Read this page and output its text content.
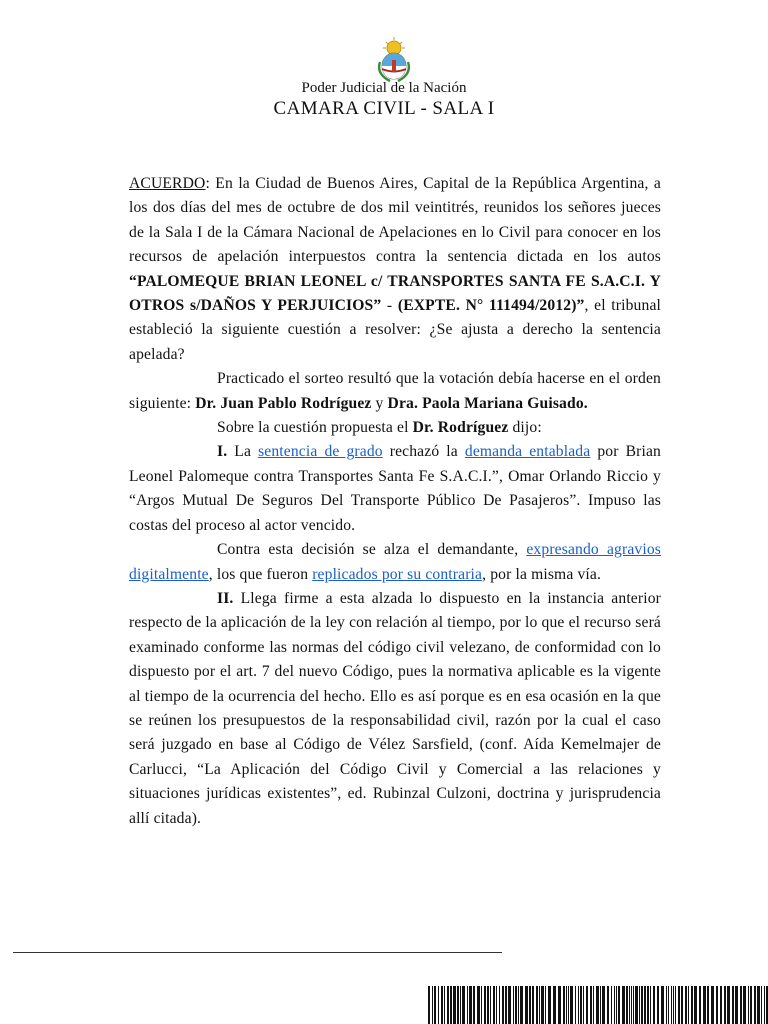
Poder Judicial de la Nación
CAMARA CIVIL - SALA I

ACUERDO: En la Ciudad de Buenos Aires, Capital de la República Argentina, a los dos días del mes de octubre de dos mil veintitrés, reunidos los señores jueces de la Sala I de la Cámara Nacional de Apelaciones en lo Civil para conocer en los recursos de apelación interpuestos contra la sentencia dictada en los autos “PALOMEQUE BRIAN LEONEL c/ TRANSPORTES SANTA FE S.A.C.I. Y OTROS s/DAÑOS Y PERJUICIOS” - (EXPTE. N° 111494/2012)”, el tribunal estableció la siguiente cuestión a resolver: ¿Se ajusta a derecho la sentencia apelada?

Practicado el sorteo resultó que la votación debía hacerse en el orden siguiente: Dr. Juan Pablo Rodríguez y Dra. Paola Mariana Guisado.

Sobre la cuestión propuesta el Dr. Rodríguez dijo:

I. La sentencia de grado rechazó la demanda entablada por Brian Leonel Palomeque contra Transportes Santa Fe S.A.C.I.”, Omar Orlando Riccio y “Argos Mutual De Seguros Del Transporte Público De Pasajeros”. Impuso las costas del proceso al actor vencido.

Contra esta decisión se alza el demandante, expresando agravios digitalmente, los que fueron replicados por su contraria, por la misma vía.

II. Llega firme a esta alzada lo dispuesto en la instancia anterior respecto de la aplicación de la ley con relación al tiempo, por lo que el recurso será examinado conforme las normas del código civil velezano, de conformidad con lo dispuesto por el art. 7 del nuevo Código, pues la normativa aplicable es la vigente al tiempo de la ocurrencia del hecho. Ello es así porque es en esa ocasión en la que se reúnen los presupuestos de la responsabilidad civil, razón por la cual el caso será juzgado en base al Código de Vélez Sarsfield, (conf. Aída Kemelmajer de Carlucci, “La Aplicación del Código Civil y Comercial a las relaciones y situaciones jurídicas existentes”, ed. Rubinzal Culzoni, doctrina y jurisprudencia allí citada).
